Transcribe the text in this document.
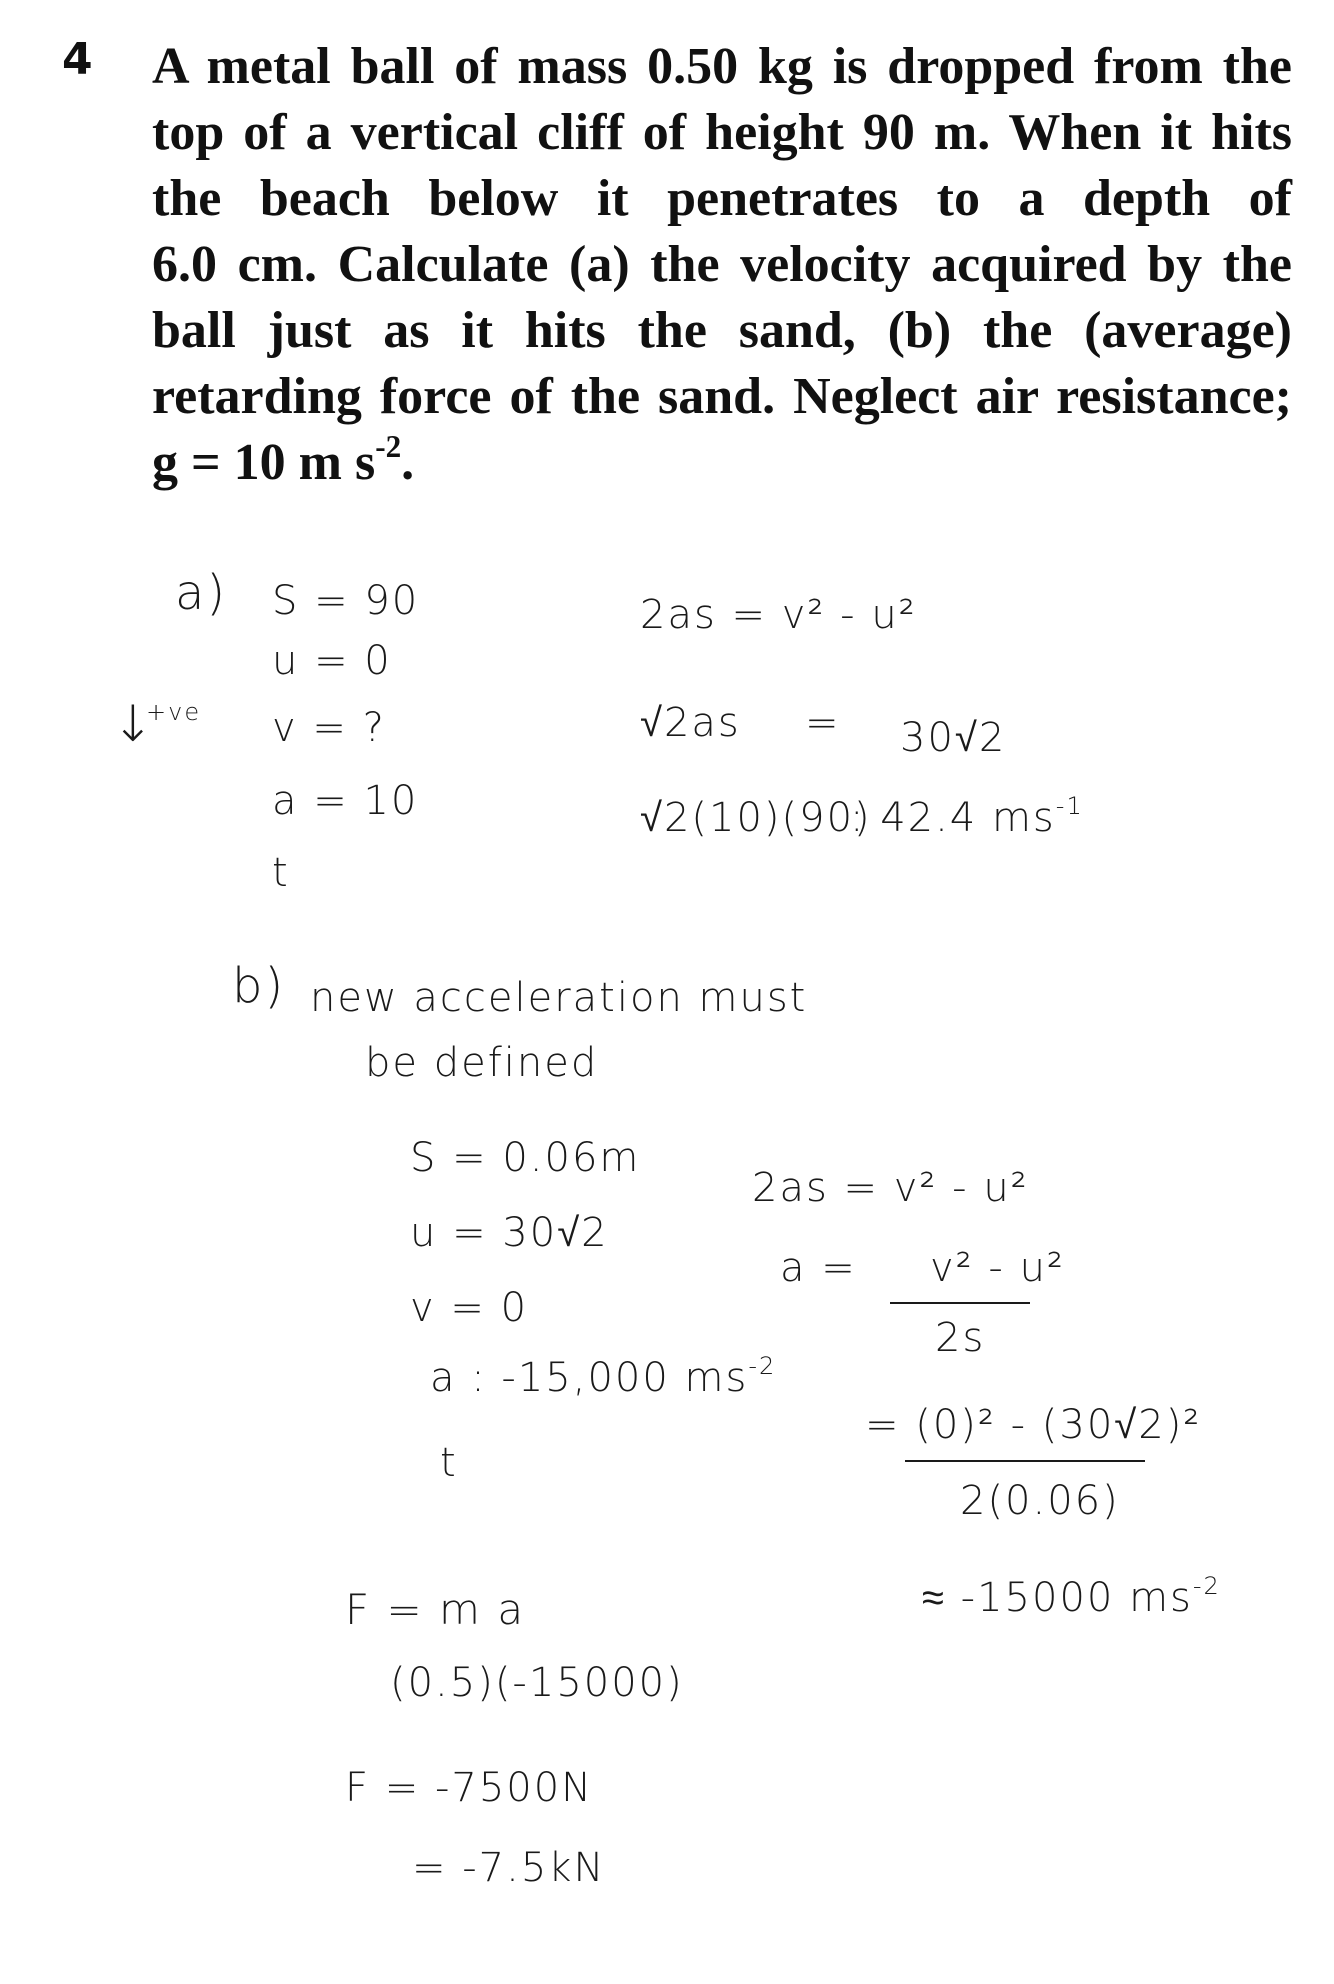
4 A metal ball of mass 0.50 kg is dropped from the
top of a vertical cliff of height 90 m. When it hits
the beach below it penetrates to a depth of
6.0 cm. Calculate (a) the velocity acquired by the
ball just as it hits the sand, (b) the (average)
retarding force of the sand. Neglect air resistance;
g = 10 m $s^{-2}$.
a)
↓
+ve
S = 90
u = 0
v = ?
a = 10
t
2as = v² - u²
√2as = 30√2
√2(10)(90)
: 42.4 $ms^{-1}$
b) new acceleration must
be defined
S = 0.06m
u = 30√2
v = 0
a : -15,000 $ms^{-2}$
t
2as = v² - u²
a = v² - u²
2s
= (0)² - (30√2)²
2(0.06)
≈ -15000 $ms^{-2}$
F = m a
(0.5)(-15000)
F = -7500N
= -7.5kN
